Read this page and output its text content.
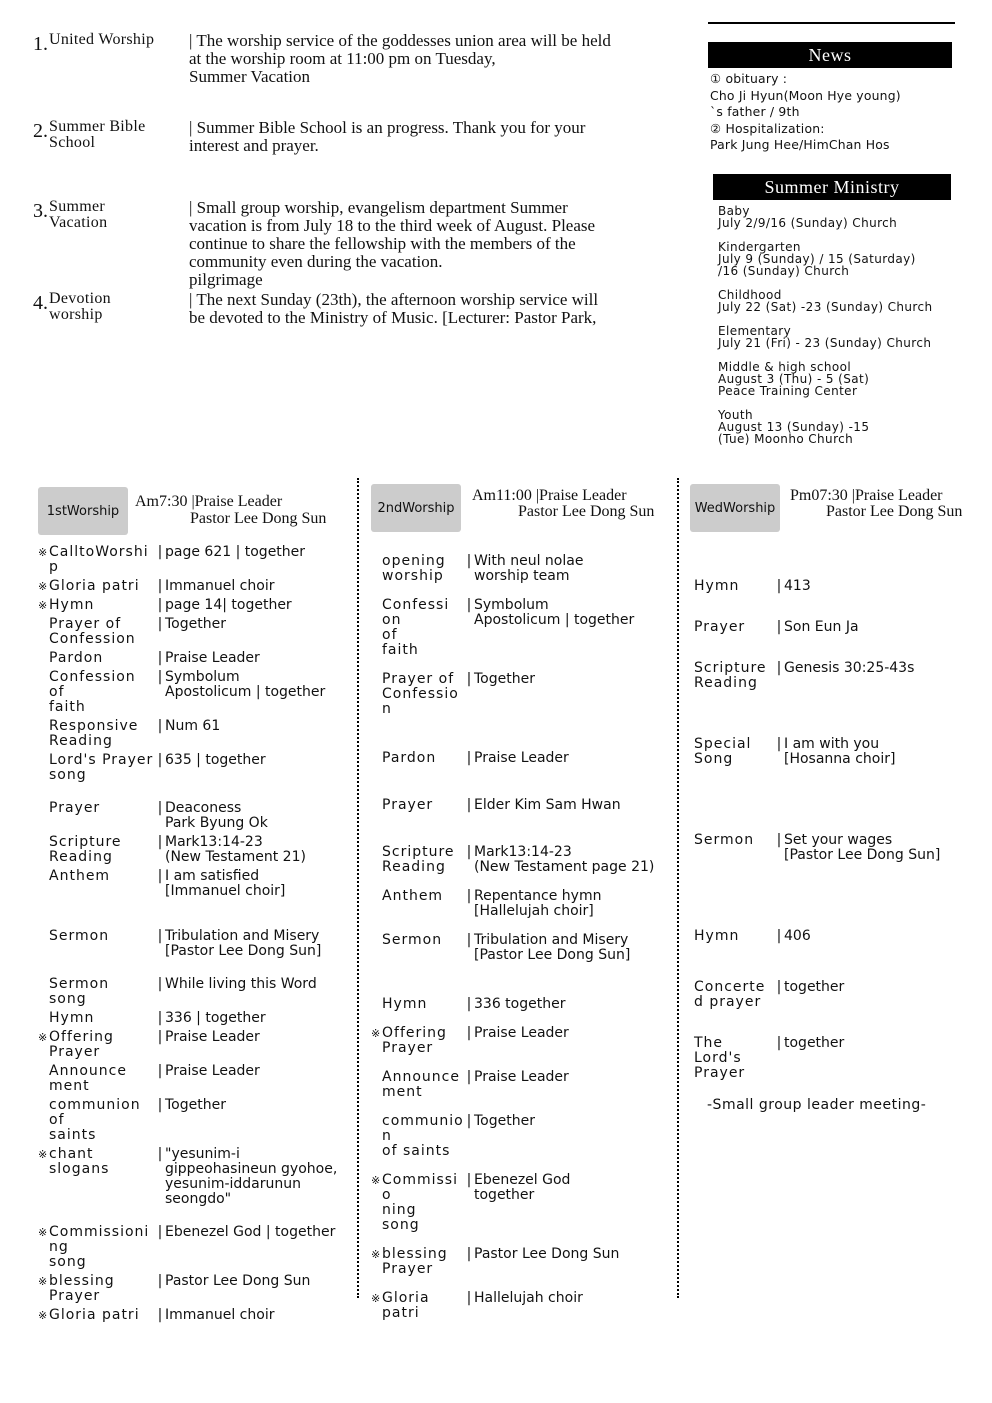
1. United Worship	| The worship service of the goddesses union area will be held
at the worship room at 11:00 pm on Tuesday,
Summer Vacation
2. Summer Bible
School
| Summer Bible School is an progress. Thank you for your
interest and prayer.
3. Summer
Vacation
| Small group worship, evangelism department Summer
vacation is from July 18 to the third week of August. Please
continue to share the fellowship with the members of the
community even during the vacation.
pilgrimage
4. Devotion
worship
| The next Sunday (23th), the afternoon worship service will
be devoted to the Ministry of Music. [Lecturer: Pastor Park,
News
① obituary :
Cho Ji Hyun(Moon Hye young)
`s father / 9th
② Hospitalization:
Park Jung Hee/HimChan Hos
Summer Ministry
Baby
July 2/9/16 (Sunday) Church
Kindergarten
July 9 (Sunday) / 15 (Saturday)
/16 (Sunday) Church
Childhood
July 22 (Sat) -23 (Sunday) Church
Elementary
July 21 (Fri) - 23 (Sunday) Church
Middle & high school
August 3 (Thu) - 5 (Sat)
Peace Training Center
Youth
August 13 (Sunday) -15
(Tue) Moonho Church
1stWorship
Am7:30 |Praise Leader
Pastor Lee Dong Sun
※ CalltoWorship
| page 621 | together
※ Gloria patri	| Immanuel choir
※ Hymn	| page 14| together
Prayer of
Confession
| Together
Pardon	| Praise Leader
Confession
of
faith
| Symbolum
Apostolicum | together
Responsive
Reading
| Num 61
Lord's Prayer
song
| 635 | together
Prayer	| Deaconess
Park Byung Ok
Scripture
Reading
| Mark13:14-23
(New Testament 21)
Anthem	| I am satisfied
[Immanuel choir]
Sermon	| Tribulation and Misery
[Pastor Lee Dong Sun]
Sermon
song
| While living this Word
Hymn	| 336 | together
※ Offering
Prayer
| Praise Leader
Announce
ment
| Praise Leader
communion of
saints
| Together
※ chant slogans
| "yesunim-i
gippeohasineun gyohoe,
yesunim-iddarunun
seongdo"
※ Commissioning
song
| Ebenezel God | together
※ blessing
Prayer
| Pastor Lee Dong Sun
※ Gloria patri	| Immanuel choir
2ndWorship
Am11:00 |Praise Leader
Pastor Lee Dong Sun
opening
worship
| With neul nolae
worship team
Confessi
on
of
faith
| Symbolum
Apostolicum | together
Prayer of
Confession
| Together
Pardon	| Praise Leader
Prayer	| Elder Kim Sam Hwan
Scripture
Reading
| Mark13:14-23
(New Testament page 21)
Anthem	| Repentance hymn
[Hallelujah choir]
Sermon	| Tribulation and Misery
[Pastor Lee Dong Sun]
Hymn	| 336 together
※ Offering
Prayer
| Praise Leader
Announce
ment
| Praise Leader
communion
of saints
| Together
※ Commissio
ning
song
| Ebenezel God
together
※ blessing
Prayer
| Pastor Lee Dong Sun
※ Gloria
patri
| Hallelujah choir
WedWorship
Pm07:30 |Praise Leader
Pastor Lee Dong Sun
Hymn	| 413
Prayer	| Son Eun Ja
Scripture
Reading
| Genesis 30:25-43s
Special
Song
| I am with you
[Hosanna choir]
Sermon	| Set your wages
[Pastor Lee Dong Sun]
Hymn	| 406
Concerte
d prayer
| together
The Lord's
Prayer
| together
-Small group leader meeting-
